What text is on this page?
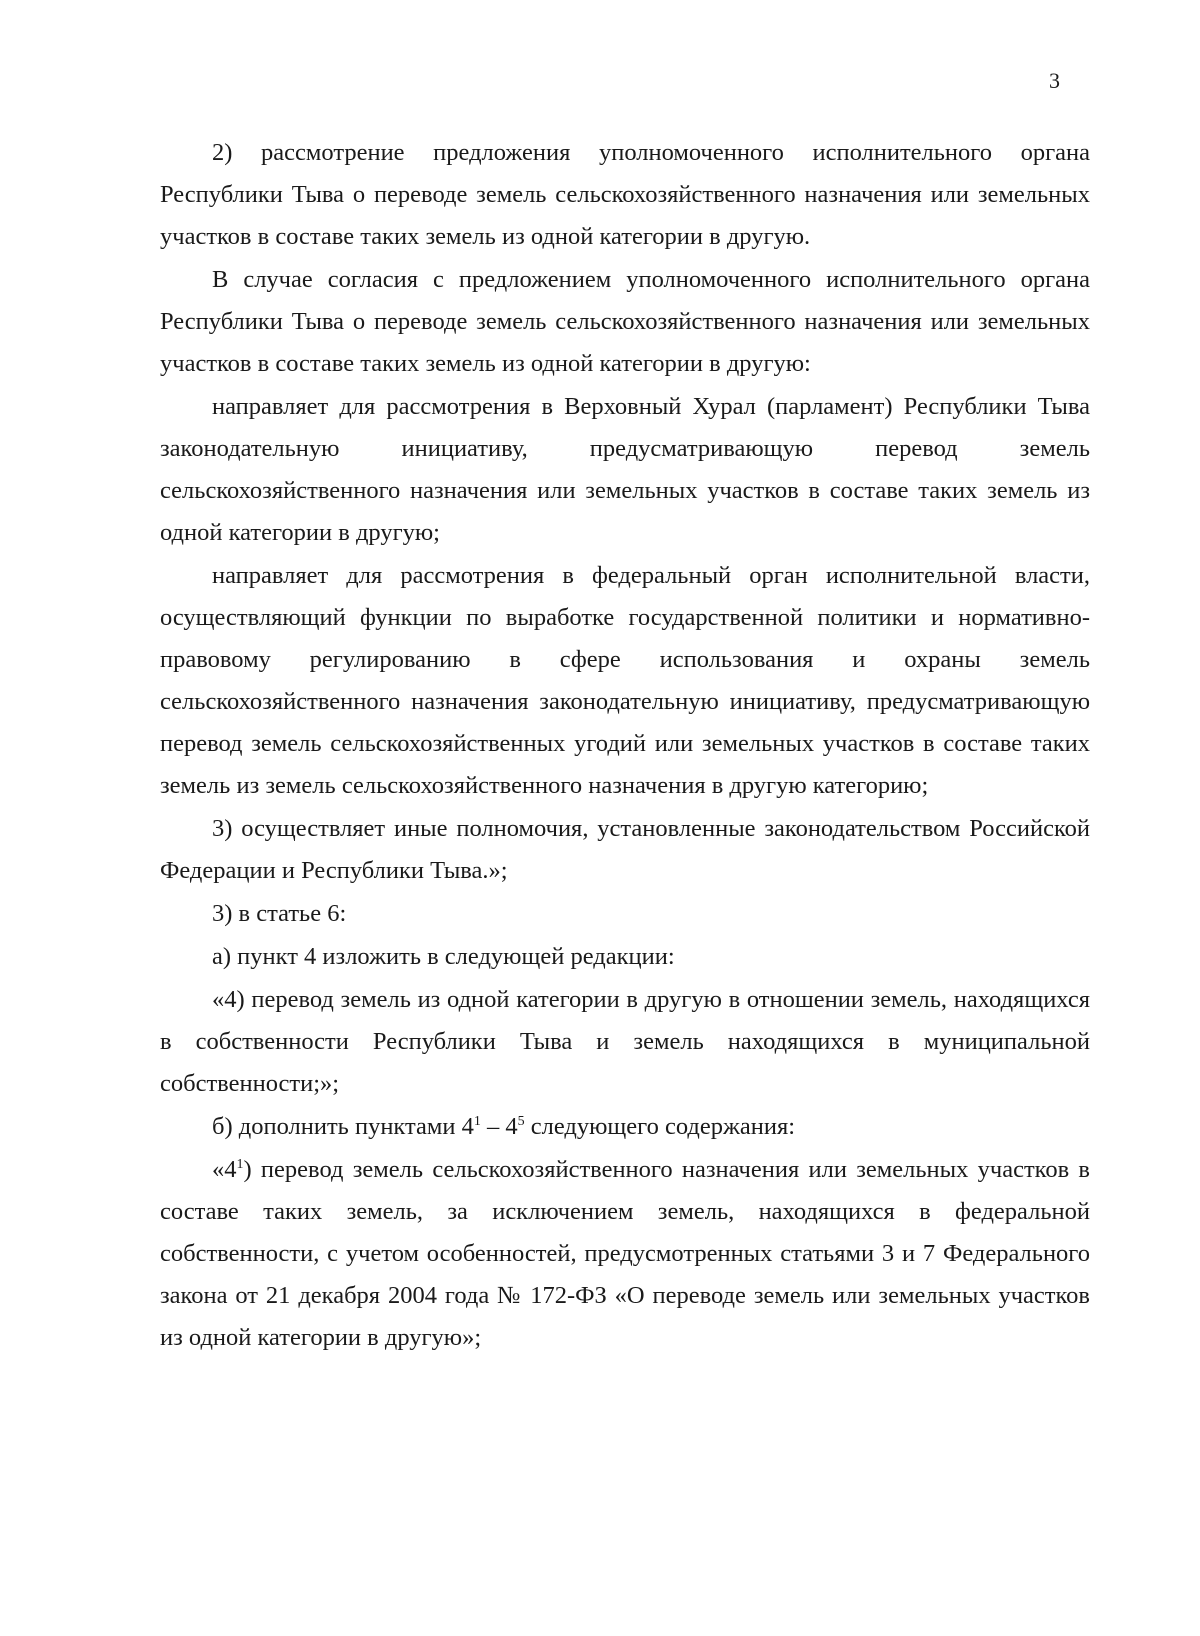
3

2) рассмотрение предложения уполномоченного исполнительного органа Республики Тыва о переводе земель сельскохозяйственного назначения или земельных участков в составе таких земель из одной категории в другую.

В случае согласия с предложением уполномоченного исполнительного органа Республики Тыва о переводе земель сельскохозяйственного назначения или земельных участков в составе таких земель из одной категории в другую:

направляет для рассмотрения в Верховный Хурал (парламент) Республики Тыва законодательную инициативу, предусматривающую перевод земель сельскохозяйственного назначения или земельных участков в составе таких земель из одной категории в другую;

направляет для рассмотрения в федеральный орган исполнительной власти, осуществляющий функции по выработке государственной политики и нормативно-правовому регулированию в сфере использования и охраны земель сельскохозяйственного назначения законодательную инициативу, предусматривающую перевод земель сельскохозяйственных угодий или земельных участков в составе таких земель из земель сельскохозяйственного назначения в другую категорию;

3) осуществляет иные полномочия, установленные законодательством Российской Федерации и Республики Тыва.»;

3) в статье 6:

а) пункт 4 изложить в следующей редакции:

«4) перевод земель из одной категории в другую в отношении земель, находящихся в собственности Республики Тыва и земель находящихся в муниципальной собственности;»;

б) дополнить пунктами $4^1 - 4^5$ следующего содержания:

«$4^1$) перевод земель сельскохозяйственного назначения или земельных участков в составе таких земель, за исключением земель, находящихся в федеральной собственности, с учетом особенностей, предусмотренных статьями 3 и 7 Федерального закона от 21 декабря 2004 года № 172-ФЗ «О переводе земель или земельных участков из одной категории в другую»;
